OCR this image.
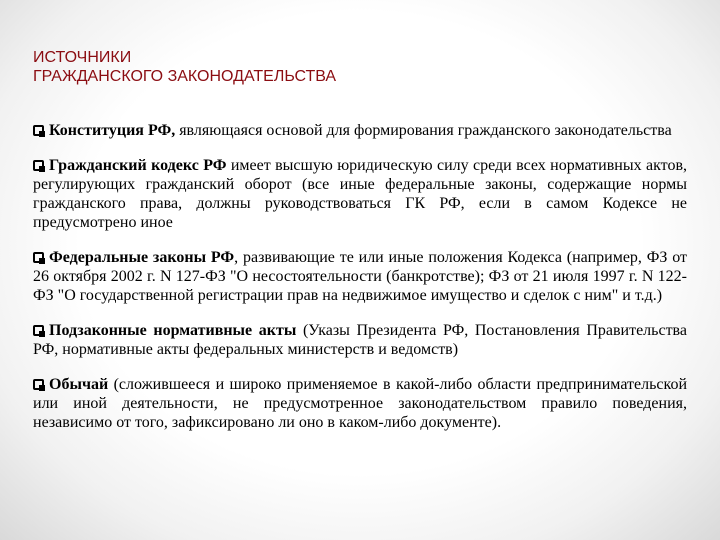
ИСТОЧНИКИ
ГРАЖДАНСКОГО ЗАКОНОДАТЕЛЬСТВА
Конституция РФ, являющаяся основой для формирования гражданского законодательства
Гражданский кодекс РФ имеет высшую юридическую силу среди всех нормативных актов, регулирующих гражданский оборот (все иные федеральные законы, содержащие нормы гражданского права, должны руководствоваться ГК РФ, если в самом Кодексе не предусмотрено иное
Федеральные законы РФ, развивающие те или иные положения Кодекса (например, ФЗ от 26 октября 2002 г. N 127-ФЗ "О несостоятельности (банкротстве); ФЗ от 21 июля 1997 г. N 122-ФЗ "О государственной регистрации прав на недвижимое имущество и сделок с ним" и т.д.)
Подзаконные нормативные акты (Указы Президента РФ, Постановления Правительства РФ, нормативные акты федеральных министерств и ведомств)
Обычай (сложившееся и широко применяемое в какой-либо области предпринимательской или иной деятельности, не предусмотренное законодательством правило поведения, независимо от того, зафиксировано ли оно в каком-либо документе).
